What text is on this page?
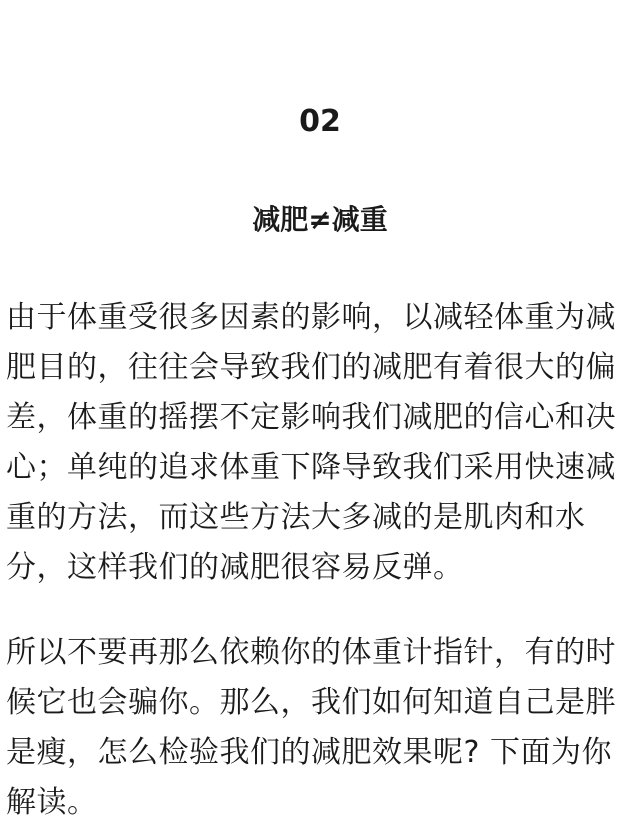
02
减肥≠减重

由于体重受很多因素的影响，以减轻体重为减
肥目的，往往会导致我们的减肥有着很大的偏
差，体重的摇摆不定影响我们减肥的信心和决
心；单纯的追求体重下降导致我们采用快速减
重的方法，而这些方法大多减的是肌肉和水
分，这样我们的减肥很容易反弹。

所以不要再那么依赖你的体重计指针，有的时
候它也会骗你。那么，我们如何知道自己是胖
是瘦，怎么检验我们的减肥效果呢? 下面为你
解读。
